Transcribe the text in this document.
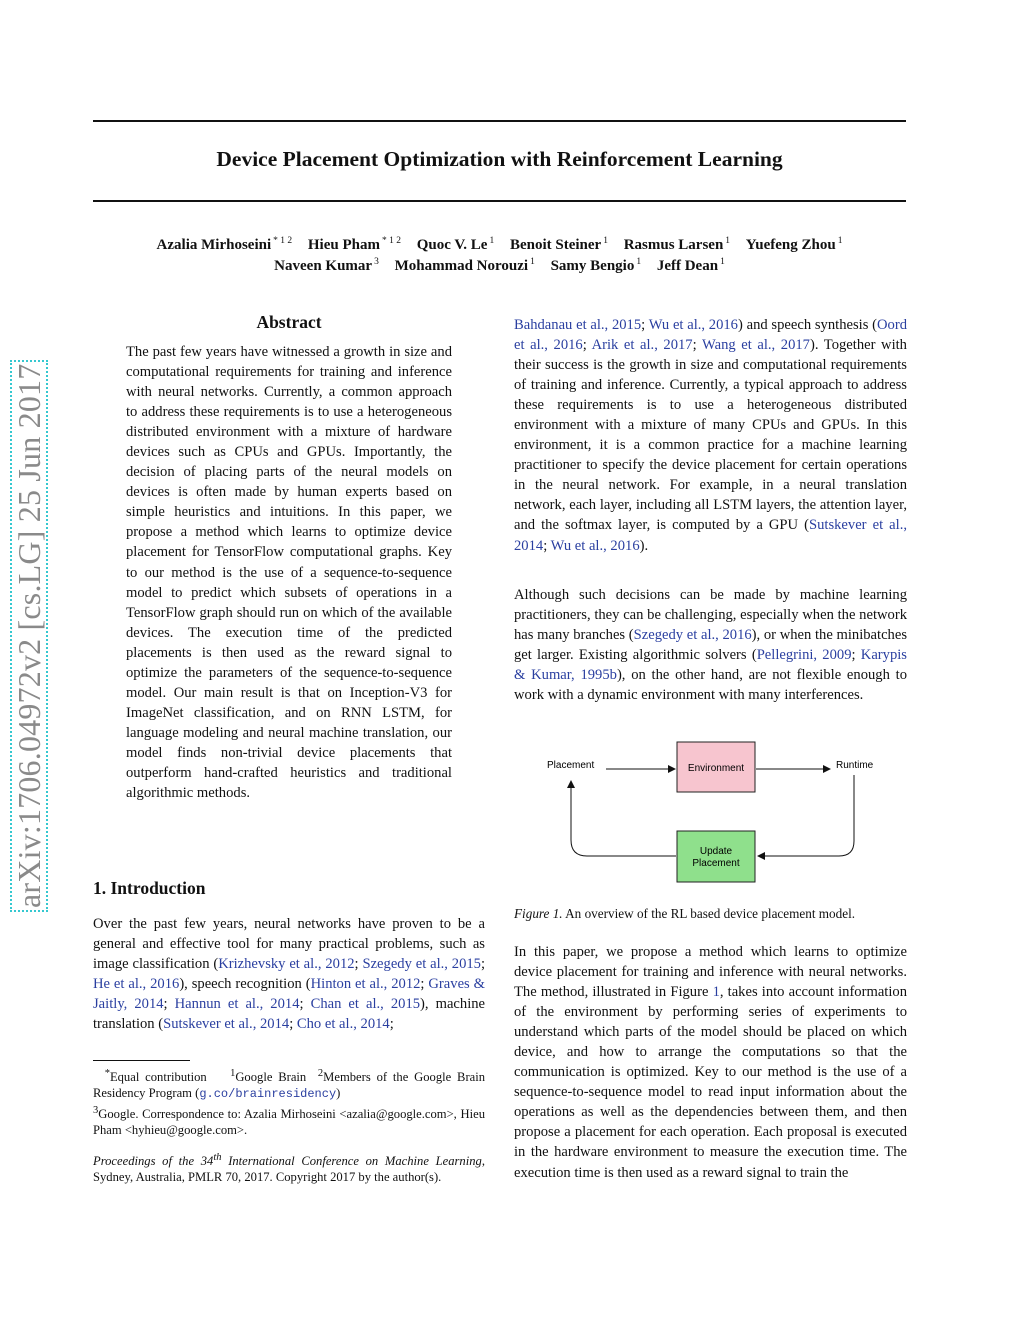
arXiv:1706.04972v2 [cs.LG] 25 Jun 2017
Device Placement Optimization with Reinforcement Learning
Azalia Mirhoseini $^{* 1 2}$ Hieu Pham $^{* 1 2}$ Quoc V. Le $^1$ Benoit Steiner $^1$ Rasmus Larsen $^1$ Yuefeng Zhou $^1$
Naveen Kumar $^3$ Mohammad Norouzi $^1$ Samy Bengio $^1$ Jeff Dean $^1$
Abstract

The past few years have witnessed a growth in size and computational requirements for training and inference with neural networks. Currently, a common approach to address these requirements is to use a heterogeneous distributed environment with a mixture of hardware devices such as CPUs and GPUs. Importantly, the decision of placing parts of the neural models on devices is often made by human experts based on simple heuristics and intuitions. In this paper, we propose a method which learns to optimize device placement for TensorFlow computational graphs. Key to our method is the use of a sequence-to-sequence model to predict which subsets of operations in a TensorFlow graph should run on which of the available devices. The execution time of the predicted placements is then used as the reward signal to optimize the parameters of the sequence-to-sequence model. Our main result is that on Inception-V3 for ImageNet classification, and on RNN LSTM, for language modeling and neural machine translation, our model finds non-trivial device placements that outperform hand-crafted heuristics and traditional algorithmic methods.

1. Introduction

Over the past few years, neural networks have proven to be a general and effective tool for many practical problems, such as image classification (Krizhevsky et al., 2012; Szegedy et al., 2015; He et al., 2016), speech recognition (Hinton et al., 2012; Graves & Jaitly, 2014; Hannun et al., 2014; Chan et al., 2015), machine translation (Sutskever et al., 2014; Cho et al., 2014;

*Equal contribution $^1$Google Brain $^2$Members of the Google Brain Residency Program (g.co/brainresidency)
$^3$Google. Correspondence to: Azalia Mirhoseini <azalia@google.com>, Hieu Pham <hyhieu@google.com>.

Proceedings of the 34th International Conference on Machine Learning, Sydney, Australia, PMLR 70, 2017. Copyright 2017 by the author(s).

Bahdanau et al., 2015; Wu et al., 2016) and speech synthesis (Oord et al., 2016; Arik et al., 2017; Wang et al., 2017). Together with their success is the growth in size and computational requirements of training and inference. Currently, a typical approach to address these requirements is to use a heterogeneous distributed environment with a mixture of many CPUs and GPUs. In this environment, it is a common practice for a machine learning practitioner to specify the device placement for certain operations in the neural network. For example, in a neural translation network, each layer, including all LSTM layers, the attention layer, and the softmax layer, is computed by a GPU (Sutskever et al., 2014; Wu et al., 2016).

Although such decisions can be made by machine learning practitioners, they can be challenging, especially when the network has many branches (Szegedy et al., 2016), or when the minibatches get larger. Existing algorithmic solvers (Pellegrini, 2009; Karypis & Kumar, 1995b), on the other hand, are not flexible enough to work with a dynamic environment with many interferences.

Environment
Update
Placement
Placement	Runtime
Figure 1. An overview of the RL based device placement model.

In this paper, we propose a method which learns to optimize device placement for training and inference with neural networks. The method, illustrated in Figure 1, takes into account information of the environment by performing series of experiments to understand which parts of the model should be placed on which device, and how to arrange the computations so that the communication is optimized. Key to our method is the use of a sequence-to-sequence model to read input information about the operations as well as the dependencies between them, and then propose a placement for each operation. Each proposal is executed in the hardware environment to measure the execution time. The execution time is then used as a reward signal to train the
